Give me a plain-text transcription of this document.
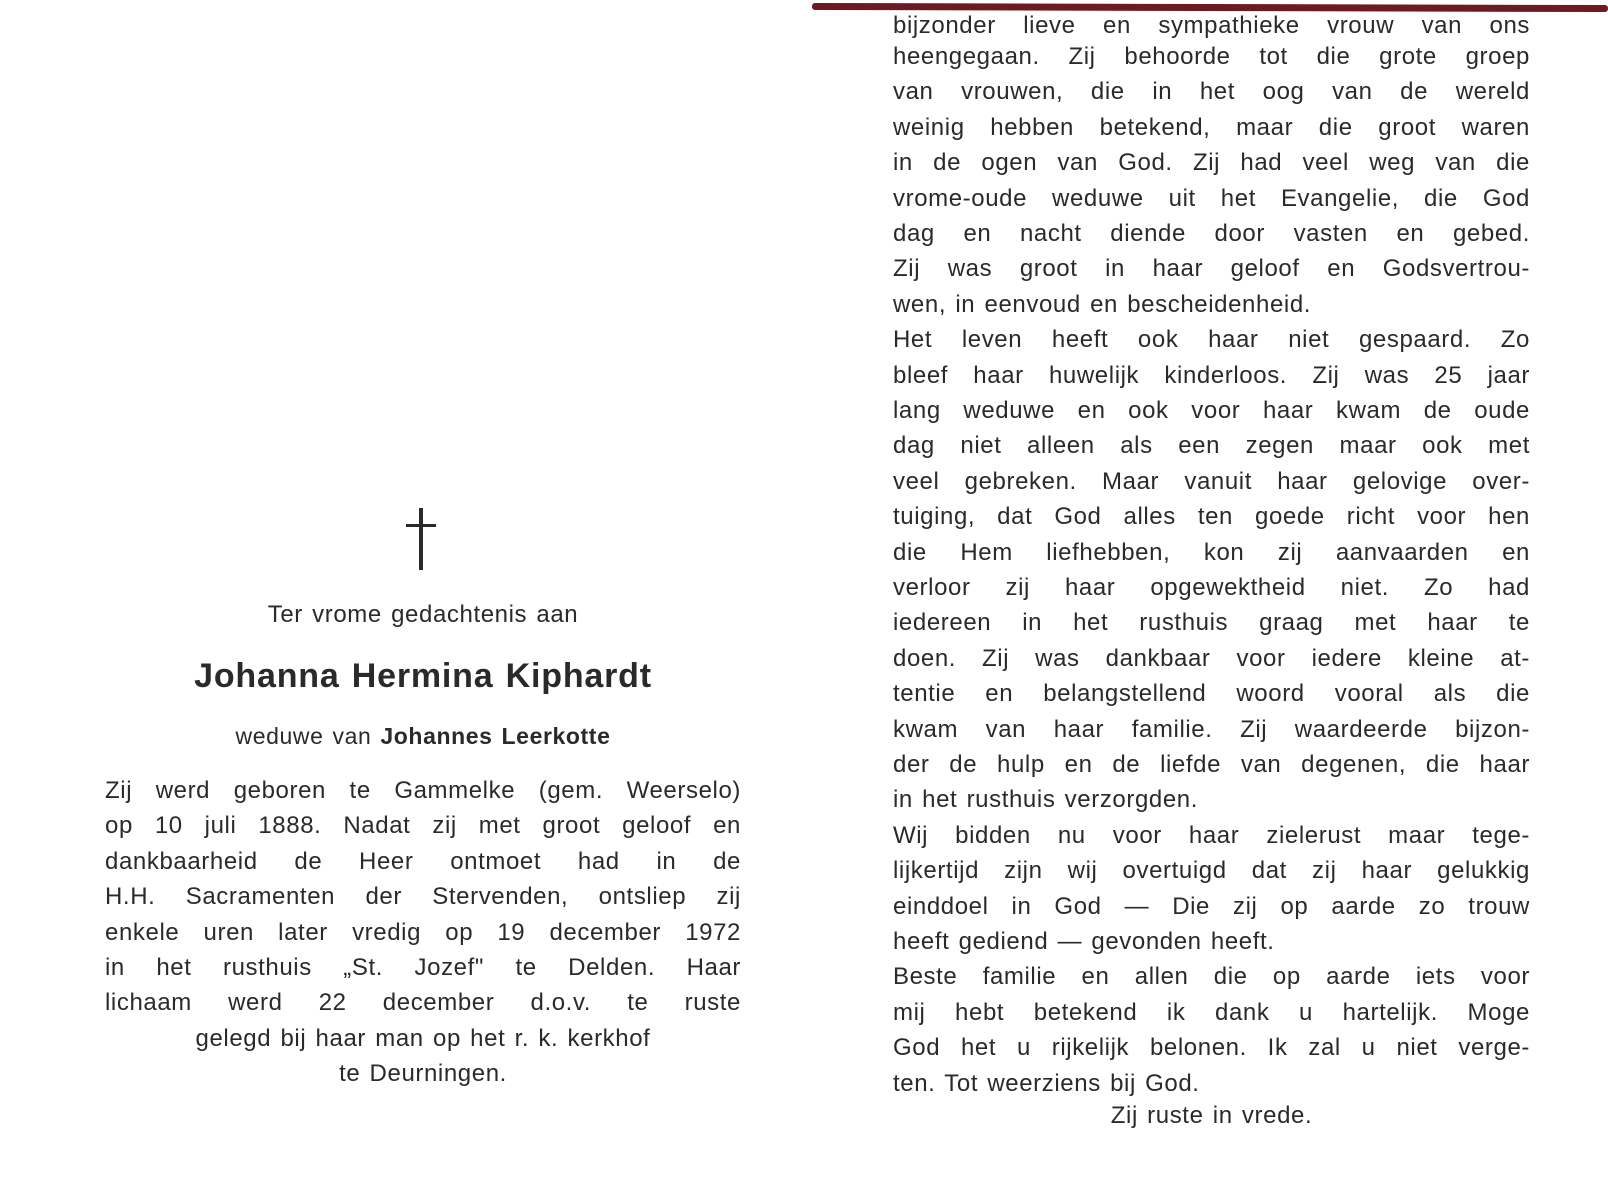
Ter vrome gedachtenis aan
Johanna Hermina Kiphardt
weduwe van Johannes Leerkotte
Zij werd geboren te Gammelke (gem. Weerselo)
op 10 juli 1888. Nadat zij met groot geloof en
dankbaarheid de Heer ontmoet had in de
H.H. Sacramenten der Stervenden, ontsliep zij
enkele uren later vredig op 19 december 1972
in het rusthuis „St. Jozef" te Delden. Haar
lichaam werd 22 december d.o.v. te ruste
gelegd bij haar man op het r. k. kerkhof
te Deurningen.
bijzonder lieve en sympathieke vrouw van ons
heengegaan. Zij behoorde tot die grote groep
van vrouwen, die in het oog van de wereld
weinig hebben betekend, maar die groot waren
in de ogen van God. Zij had veel weg van die
vrome-oude weduwe uit het Evangelie, die God
dag en nacht diende door vasten en gebed.
Zij was groot in haar geloof en Godsvertrou-
wen, in eenvoud en bescheidenheid.
Het leven heeft ook haar niet gespaard. Zo
bleef haar huwelijk kinderloos. Zij was 25 jaar
lang weduwe en ook voor haar kwam de oude
dag niet alleen als een zegen maar ook met
veel gebreken. Maar vanuit haar gelovige over-
tuiging, dat God alles ten goede richt voor hen
die Hem liefhebben, kon zij aanvaarden en
verloor zij haar opgewektheid niet. Zo had
iedereen in het rusthuis graag met haar te
doen. Zij was dankbaar voor iedere kleine at-
tentie en belangstellend woord vooral als die
kwam van haar familie. Zij waardeerde bijzon-
der de hulp en de liefde van degenen, die haar
in het rusthuis verzorgden.
Wij bidden nu voor haar zielerust maar tege-
lijkertijd zijn wij overtuigd dat zij haar gelukkig
einddoel in God — Die zij op aarde zo trouw
heeft gediend — gevonden heeft.
Beste familie en allen die op aarde iets voor
mij hebt betekend ik dank u hartelijk. Moge
God het u rijkelijk belonen. Ik zal u niet verge-
ten. Tot weerziens bij God.
Zij ruste in vrede.
